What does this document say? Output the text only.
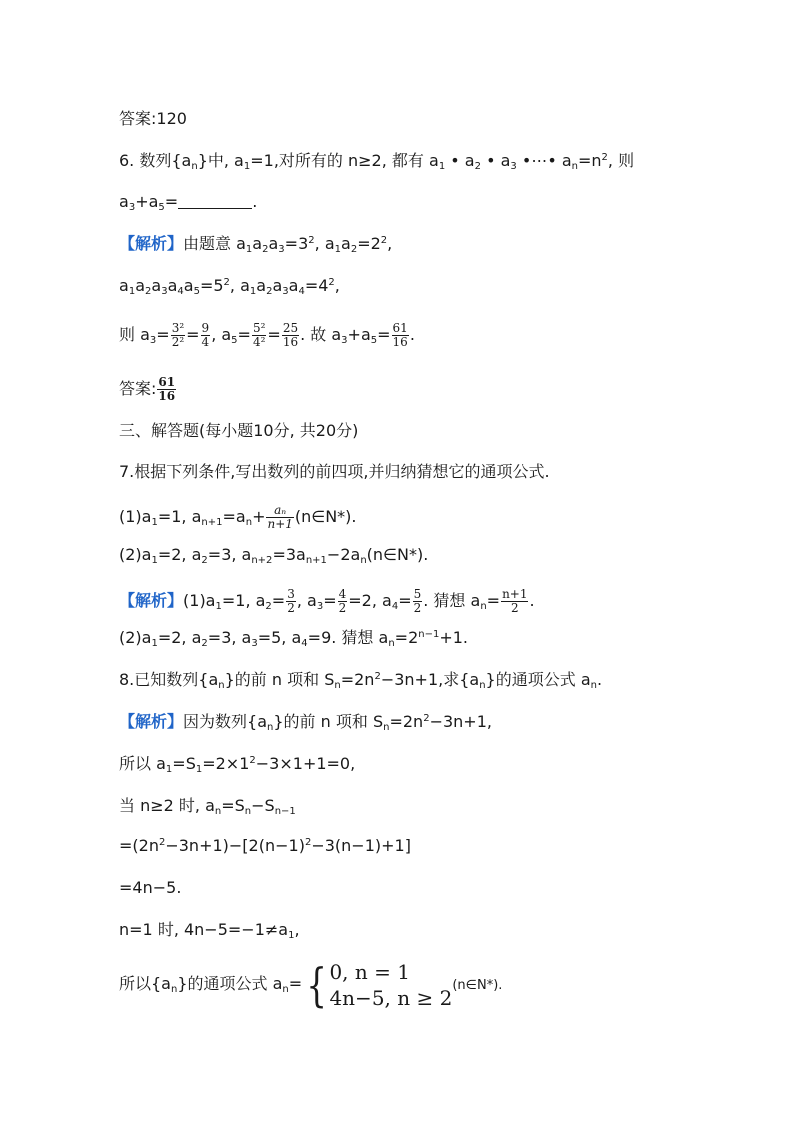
答案:120
6. 数列$\{a_n\}$中, $a_1=1$,对所有的 n≥2, 都有 $a_1$ • $a_2$ • $a_3$ •⋯• $a_n=n^2$, 则
$a_3+a_5=$	.
【解析】由题意 $a_1a_2a_3=3^2$, $a_1a_2=2^2$,
$a_1a_2a_3a_4a_5=5^2$, $a_1a_2a_3a_4=4^2$,
则 $a_3= \frac{\text{3²}}{\text{2²}} = \frac{9}{4}$ , $a_5= \frac{\text{5²}}{\text{4²}} = \frac{25}{16}$ . 故 $a_3+a_5= \frac{61}{16}$ .
答案: $\frac{61}{16}$
三、解答题(每小题10分, 共20分)
7.根据下列条件,写出数列的前四项,并归纳猜想它的通项公式.
$(1)a_1=1$, $a_{n+1}=a_n+ \frac{\text{aₙ}}{n+1}$ (n∈N*).
$(2)a_1=2$, $a_2=3$, $a_{n+2}=3a_{n+1}-2a_n(n\in N*)$.
【解析】$(1)a_1=1$, $a_2= \frac{3}{2}$ , $a_3= \frac{4}{2} =2$, $a_4= \frac{5}{2}$ . 猜想 $a_n= \frac{n+1}{2}$ .
$(2)a_1=2$, $a_2=3$, $a_3=5$, $a_4=9$. 猜想 $a_n=2^{n-1}+1$.
8.已知数列$\{a_n\}$的前 n 项和 $S_n=2n^2-3n+1$,求$\{a_n\}$的通项公式 $a_n$.
【解析】因为数列$\{a_n\}$的前 n 项和 $S_n=2n^2-3n+1$,
所以 $a_1=S_1=2\times 1^2-3\times 1+1=0$,
当 n≥2 时, $a_n=S_n-S_{n-1}$
$=(2n^2-3n+1)-[2(n-1)^2-3(n-1)+1]$
=4n−5.
n=1 时, $4n-5=-1\ne a_1$,
所以$\{a_n\}$的通项公式 $a_n=${ 0, n = 1
4n−5, n ≥ 2
(n∈N*).
